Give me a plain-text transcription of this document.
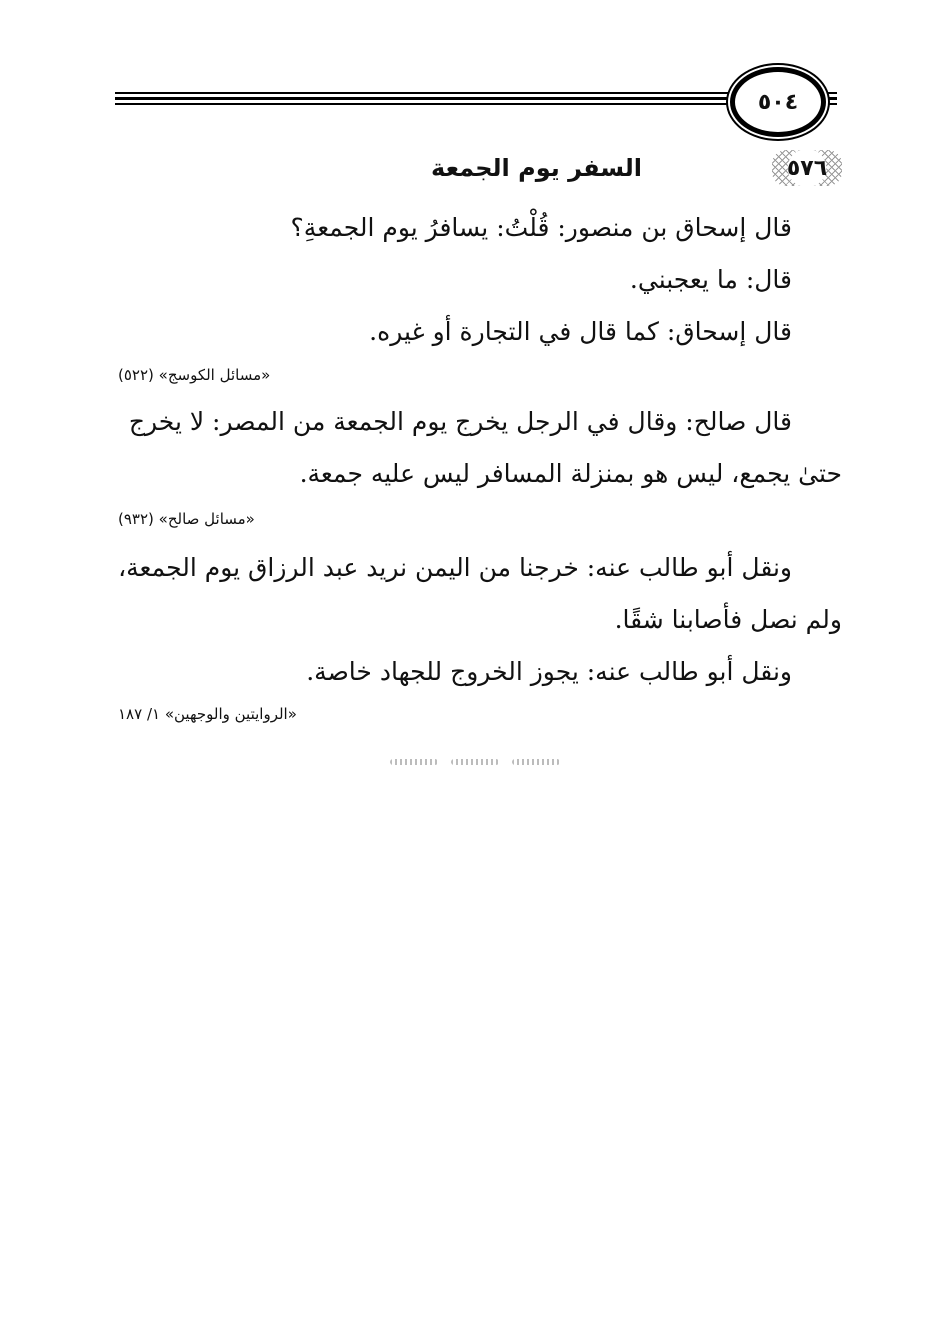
٥٠٤
٥٧٦
السفر يوم الجمعة
قال إسحاق بن منصور: قُلْتُ: يسافرُ يوم الجمعةِ؟
قال: ما يعجبني.
قال إسحاق: كما قال في التجارة أو غيره.
«مسائل الكوسج» (٥٢٢)
قال صالح: وقال في الرجل يخرج يوم الجمعة من المصر: لا يخرج حتىٰ يجمع، ليس هو بمنزلة المسافر ليس عليه جمعة.
«مسائل صالح» (٩٣٢)
ونقل أبو طالب عنه: خرجنا من اليمن نريد عبد الرزاق يوم الجمعة، ولم نصل فأصابنا شقًا.
ونقل أبو طالب عنه: يجوز الخروج للجهاد خاصة.
«الروايتين والوجهين» ١/ ١٨٧
